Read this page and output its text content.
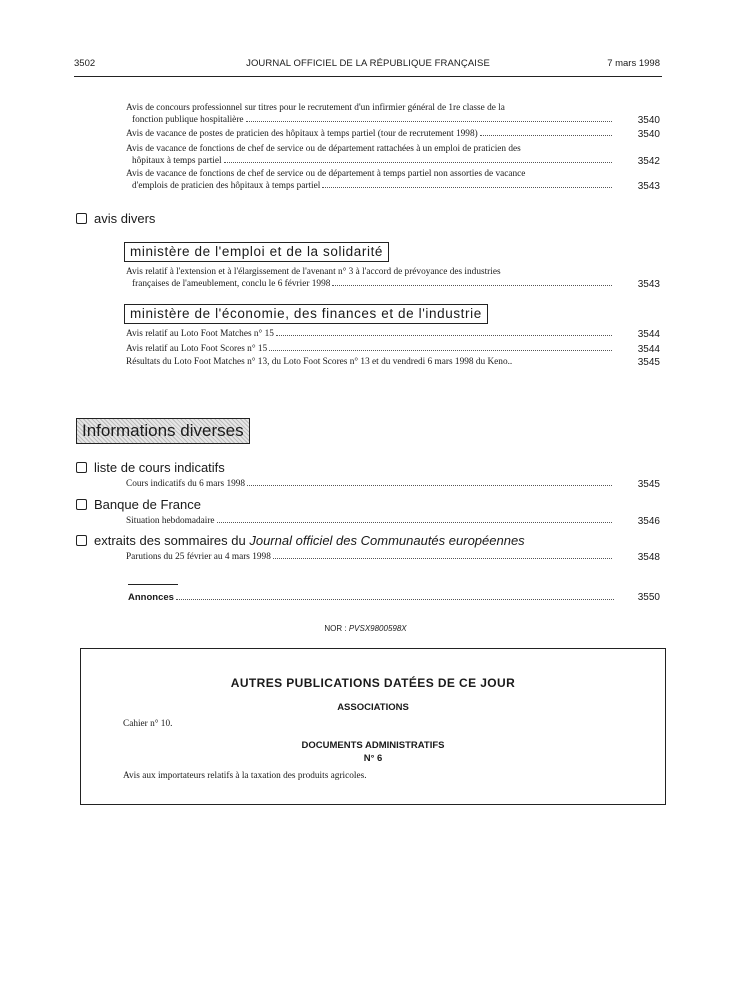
3502	JOURNAL OFFICIEL DE LA RÉPUBLIQUE FRANÇAISE	7 mars 1998
Avis de concours professionnel sur titres pour le recrutement d'un infirmier général de 1re classe de la
fonction publique hospitalière	3540
Avis de vacance de postes de praticien des hôpitaux à temps partiel (tour de recrutement 1998)	3540
Avis de vacance de fonctions de chef de service ou de département rattachées à un emploi de praticien des
hôpitaux à temps partiel	3542
Avis de vacance de fonctions de chef de service ou de département à temps partiel non assorties de vacance
d'emplois de praticien des hôpitaux à temps partiel	3543
avis divers
ministère de l'emploi et de la solidarité
Avis relatif à l'extension et à l'élargissement de l'avenant n° 3 à l'accord de prévoyance des industries
françaises de l'ameublement, conclu le 6 février 1998	3543
ministère de l'économie, des finances et de l'industrie
Avis relatif au Loto Foot Matches n° 15	3544
Avis relatif au Loto Foot Scores n° 15	3544
Résultats du Loto Foot Matches n° 13, du Loto Foot Scores n° 13 et du vendredi 6 mars 1998 du Keno..	3545
Informations diverses
liste de cours indicatifs
Cours indicatifs du 6 mars 1998	3545
Banque de France
Situation hebdomadaire	3546
extraits des sommaires du Journal officiel des Communautés européennes
Parutions du 25 février au 4 mars 1998	3548
Annonces	3550
NOR : PVSX9800598X
AUTRES PUBLICATIONS DATÉES DE CE JOUR
ASSOCIATIONS
Cahier n° 10.
DOCUMENTS ADMINISTRATIFS
N° 6
Avis aux importateurs relatifs à la taxation des produits agricoles.
